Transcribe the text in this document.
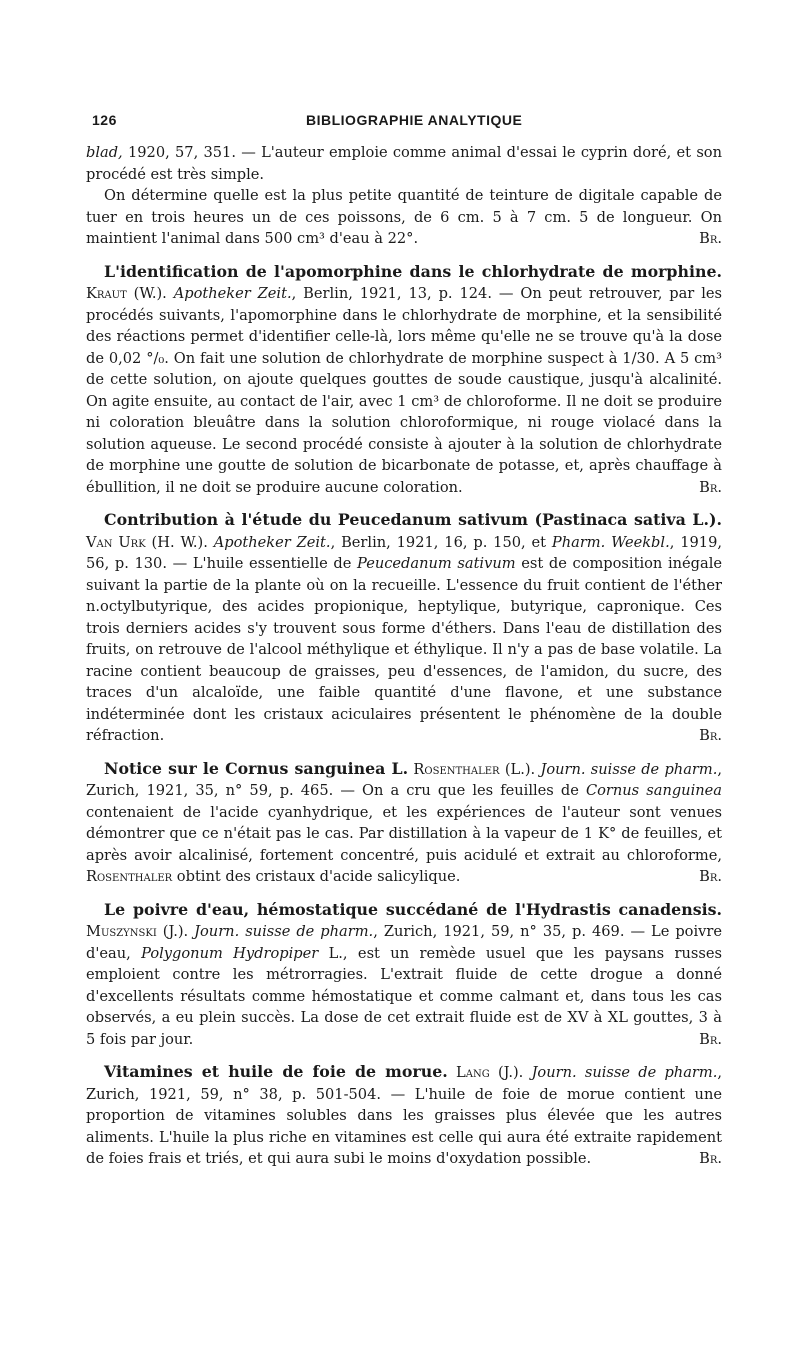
126	BIBLIOGRAPHIE ANALYTIQUE

blad, 1920, 57, 351. — L'auteur emploie comme animal d'essai le cyprin doré, et son procédé est très simple.

On détermine quelle est la plus petite quantité de teinture de digitale capable de tuer en trois heures un de ces poissons, de 6 cm. 5 à 7 cm. 5 de longueur. On maintient l'animal dans 500 cm³ d'eau à 22°.	Br.

L'identification de l'apomorphine dans le chlorhydrate de morphine. Kraut (W.). Apotheker Zeit., Berlin, 1921, 13, p. 124. — On peut retrouver, par les procédés suivants, l'apomorphine dans le chlorhydrate de morphine, et la sensibilité des réactions permet d'identifier celle-là, lors même qu'elle ne se trouve qu'à la dose de 0,02 °/₀. On fait une solution de chlorhydrate de morphine suspect à 1/30. A 5 cm³ de cette solution, on ajoute quelques gouttes de soude caustique, jusqu'à alcalinité. On agite ensuite, au contact de l'air, avec 1 cm³ de chloroforme. Il ne doit se produire ni coloration bleuâtre dans la solution chloroformique, ni rouge violacé dans la solution aqueuse. Le second procédé consiste à ajouter à la solution de chlorhydrate de morphine une goutte de solution de bicarbonate de potasse, et, après chauffage à ébullition, il ne doit se produire aucune coloration.	Br.

Contribution à l'étude du Peucedanum sativum (Pastinaca sativa L.). Van Urk (H. W.). Apotheker Zeit., Berlin, 1921, 16, p. 150, et Pharm. Weekbl., 1919, 56, p. 130. — L'huile essentielle de Peucedanum sativum est de composition inégale suivant la partie de la plante où on la recueille. L'essence du fruit contient de l'éther n.octylbutyrique, des acides propionique, heptylique, butyrique, capronique. Ces trois derniers acides s'y trouvent sous forme d'éthers. Dans l'eau de distillation des fruits, on retrouve de l'alcool méthylique et éthylique. Il n'y a pas de base volatile. La racine contient beaucoup de graisses, peu d'essences, de l'amidon, du sucre, des traces d'un alcaloïde, une faible quantité d'une flavone, et une substance indéterminée dont les cristaux aciculaires présentent le phénomène de la double réfraction.	Br.

Notice sur le Cornus sanguinea L. Rosenthaler (L.). Journ. suisse de pharm., Zurich, 1921, 35, n° 59, p. 465. — On a cru que les feuilles de Cornus sanguinea contenaient de l'acide cyanhydrique, et les expériences de l'auteur sont venues démontrer que ce n'était pas le cas. Par distillation à la vapeur de 1 K° de feuilles, et après avoir alcalinisé, fortement concentré, puis acidulé et extrait au chloroforme, Rosenthaler obtint des cristaux d'acide salicylique.	Br.

Le poivre d'eau, hémostatique succédané de l'Hydrastis canadensis. Muszynski (J.). Journ. suisse de pharm., Zurich, 1921, 59, n° 35, p. 469. — Le poivre d'eau, Polygonum Hydropiper L., est un remède usuel que les paysans russes emploient contre les métrorragies. L'extrait fluide de cette drogue a donné d'excellents résultats comme hémostatique et comme calmant et, dans tous les cas observés, a eu plein succès. La dose de cet extrait fluide est de XV à XL gouttes, 3 à 5 fois par jour.	Br.

Vitamines et huile de foie de morue. Lang (J.). Journ. suisse de pharm., Zurich, 1921, 59, n° 38, p. 501-504. — L'huile de foie de morue contient une proportion de vitamines solubles dans les graisses plus élevée que les autres aliments. L'huile la plus riche en vitamines est celle qui aura été extraite rapidement de foies frais et triés, et qui aura subi le moins d'oxydation possible.	Br.
